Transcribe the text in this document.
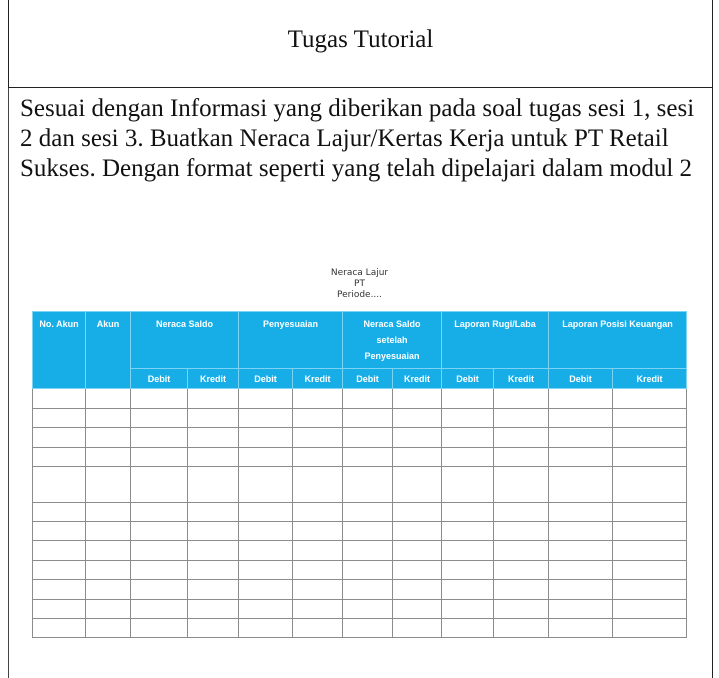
Tugas Tutorial
Sesuai dengan Informasi yang diberikan pada soal tugas sesi 1, sesi 2 dan sesi 3. Buatkan Neraca Lajur/Kertas Kerja untuk PT Retail Sukses. Dengan format seperti yang telah dipelajari dalam modul 2
Neraca Lajur
PT
Periode....
No. Akun	Akun	Neraca Saldo		Penyesuaian		Neraca Saldo setelah Penyesuaian		Laporan Rugi/Laba		Laporan Posisi Keuangan	
		Debit	Kredit	Debit	Kredit	Debit	Kredit	Debit	Kredit	Debit	Kredit
